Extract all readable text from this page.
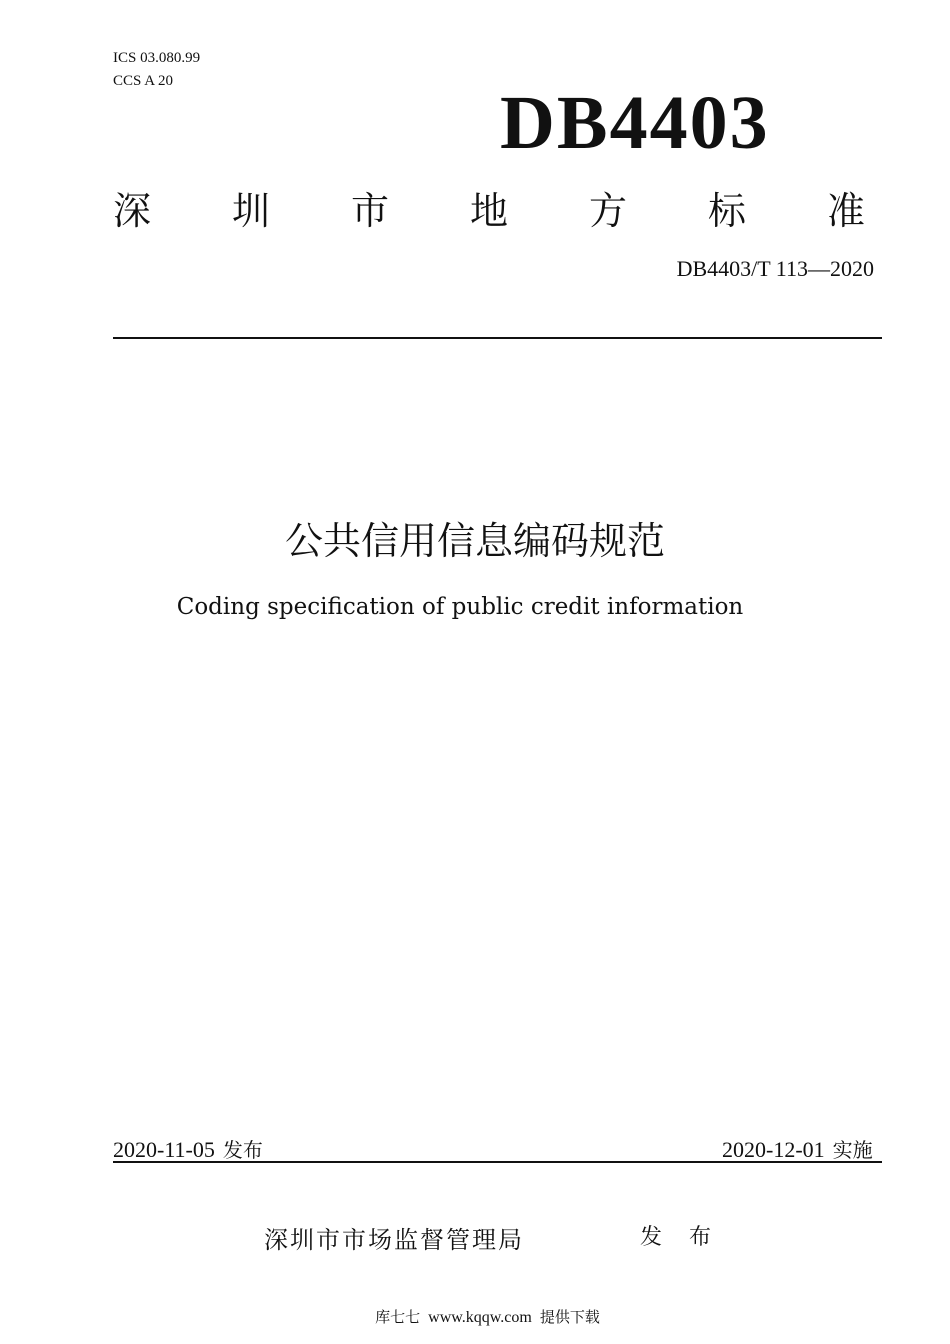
ICS 03.080.99
CCS A 20	DB4403
深 圳 市 地 方 标 准
DB4403/T 113—2020
公共信用信息编码规范
Coding specification of public credit information
2020-11-05 发布	2020-12-01 实施
深圳市市场监督管理局	发 布
库七七 www.kqqw.com 提供下载
